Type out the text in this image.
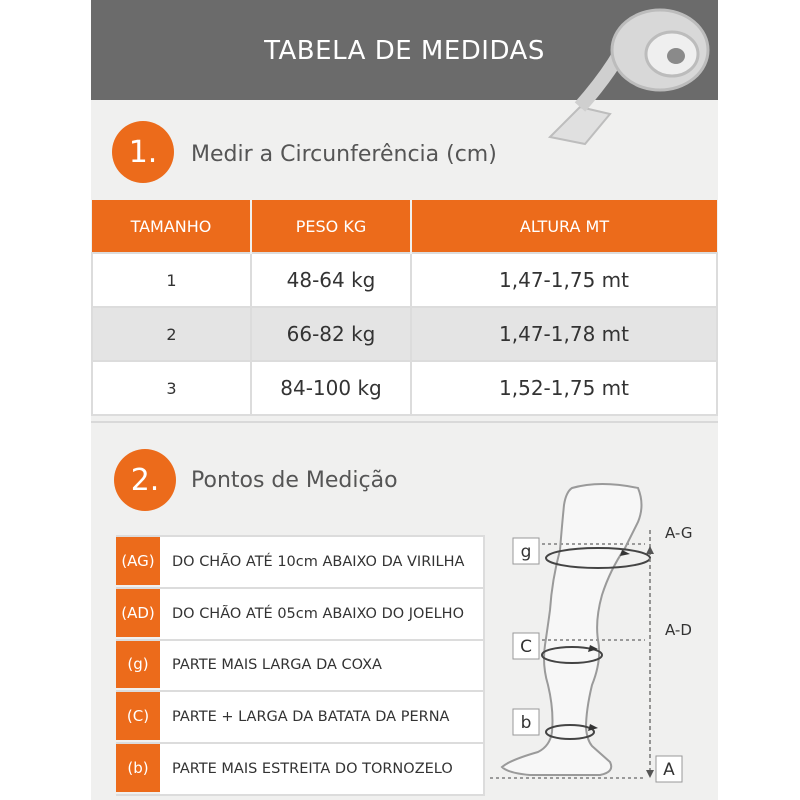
TABELA DE MEDIDAS
1.	Medir a Circunferência (cm)
TAMANHO	PESO KG	ALTURA MT
1	48-64 kg	1,47-1,75 mt
2	66-82 kg	1,47-1,78 mt
3	84-100 kg	1,52-1,75 mt
2.	Pontos de Medição
(AG)	DO CHÃO ATÉ 10cm ABAIXO DA VIRILHA
(AD)	DO CHÃO ATÉ 05cm ABAIXO DO JOELHO
(g)	PARTE MAIS LARGA DA COXA
(C)	PARTE + LARGA DA BATATA DA PERNA
(b)	PARTE MAIS ESTREITA DO TORNOZELO
g
C
b
A-G
A-D
A
